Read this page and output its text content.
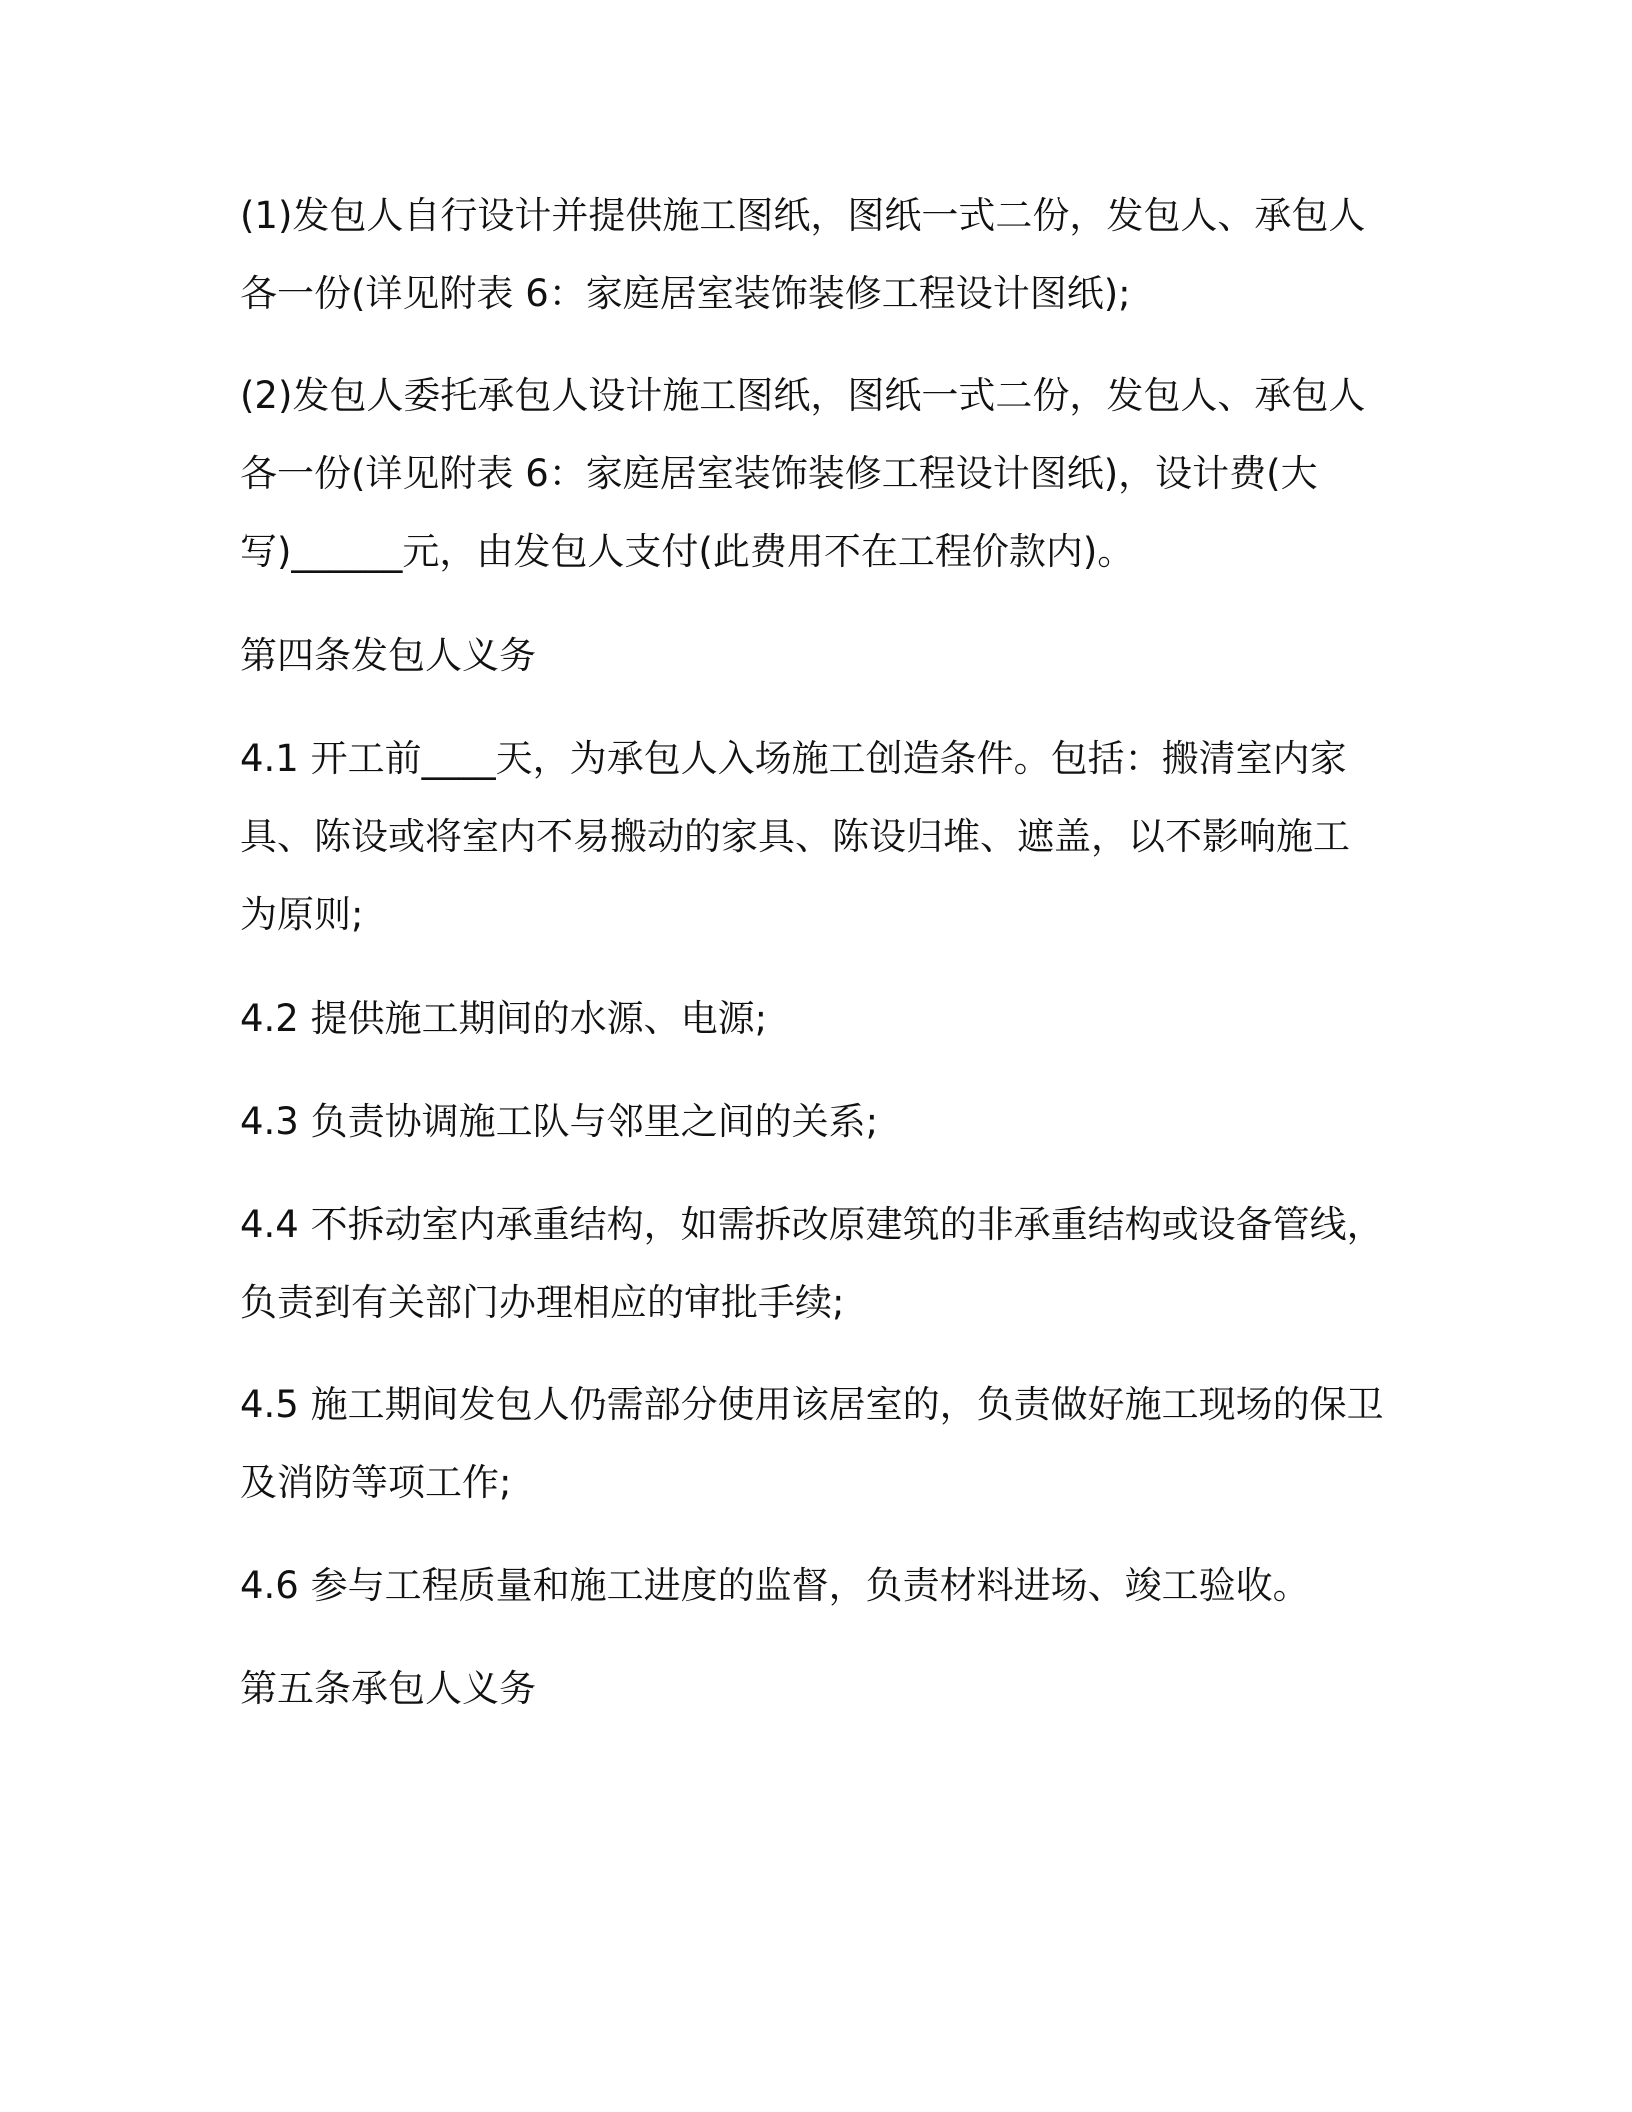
(1)发包人自行设计并提供施工图纸，图纸一式二份，发包人、承包人
各一份(详见附表 6：家庭居室装饰装修工程设计图纸);
(2)发包人委托承包人设计施工图纸，图纸一式二份，发包人、承包人
各一份(详见附表 6：家庭居室装饰装修工程设计图纸)，设计费(大
写)______元，由发包人支付(此费用不在工程价款内)。
第四条发包人义务
4.1 开工前____天，为承包人入场施工创造条件。包括：搬清室内家
具、陈设或将室内不易搬动的家具、陈设归堆、遮盖，以不影响施工
为原则;
4.2 提供施工期间的水源、电源;
4.3 负责协调施工队与邻里之间的关系;
4.4 不拆动室内承重结构，如需拆改原建筑的非承重结构或设备管线，
负责到有关部门办理相应的审批手续;
4.5 施工期间发包人仍需部分使用该居室的，负责做好施工现场的保卫
及消防等项工作;
4.6 参与工程质量和施工进度的监督，负责材料进场、竣工验收。
第五条承包人义务
